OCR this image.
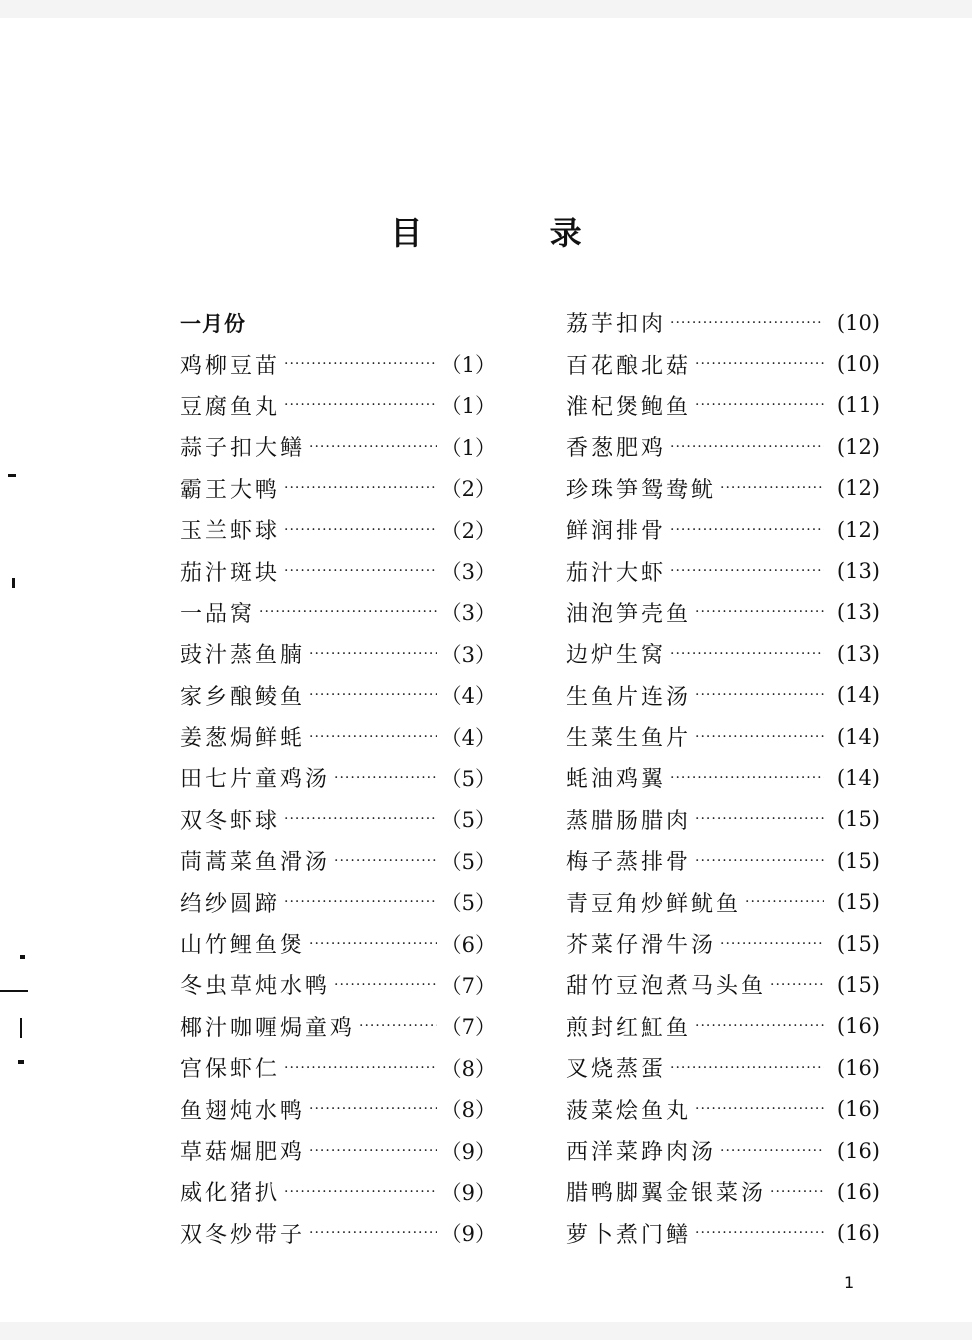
目 录
一月份
鸡柳豆苗 ·····	（1）
豆腐鱼丸 ·····	（1）
蒜子扣大鳝 ·····	（1）
霸王大鸭 ·····	（2）
玉兰虾球 ·····	（2）
茄汁斑块 ·····	（3）
一品窝 ·····	（3）
豉汁蒸鱼腩 ·····	（3）
家乡酿鲮鱼 ·····	（4）
姜葱焗鲜蚝 ·····	（4）
田七片童鸡汤 ·····	（5）
双冬虾球 ·····	（5）
茼蒿菜鱼滑汤 ·····	（5）
绉纱圆蹄 ·····	（5）
山竹鲤鱼煲 ·····	（6）
冬虫草炖水鸭 ·····	（7）
椰汁咖喱焗童鸡 ·····	（7）
宫保虾仁 ·····	（8）
鱼翅炖水鸭 ·····	（8）
草菇煀肥鸡 ·····	（9）
威化猪扒 ·····	（9）
双冬炒带子 ·····	（9）
荔芋扣肉 ·····	(10)
百花酿北菇 ·····	(10)
淮杞煲鲍鱼 ·····	(11)
香葱肥鸡 ·····	(12)
珍珠笋鸳鸯鱿 ·····	(12)
鲜润排骨 ·····	(12)
茄汁大虾 ·····	(13)
油泡笋壳鱼 ·····	(13)
边炉生窝 ·····	(13)
生鱼片连汤 ·····	(14)
生菜生鱼片 ·····	(14)
蚝油鸡翼 ·····	(14)
蒸腊肠腊肉 ·····	(15)
梅子蒸排骨 ·····	(15)
青豆角炒鲜鱿鱼 ·····	(15)
芥菜仔滑牛汤 ·····	(15)
甜竹豆泡煮马头鱼 ·····	(15)
煎封红魟鱼 ·····	(16)
叉烧蒸蛋 ·····	(16)
菠菜烩鱼丸 ·····	(16)
西洋菜踭肉汤 ·····	(16)
腊鸭脚翼金银菜汤 ·····	(16)
萝卜煮门鳝 ·····	(16)
1
